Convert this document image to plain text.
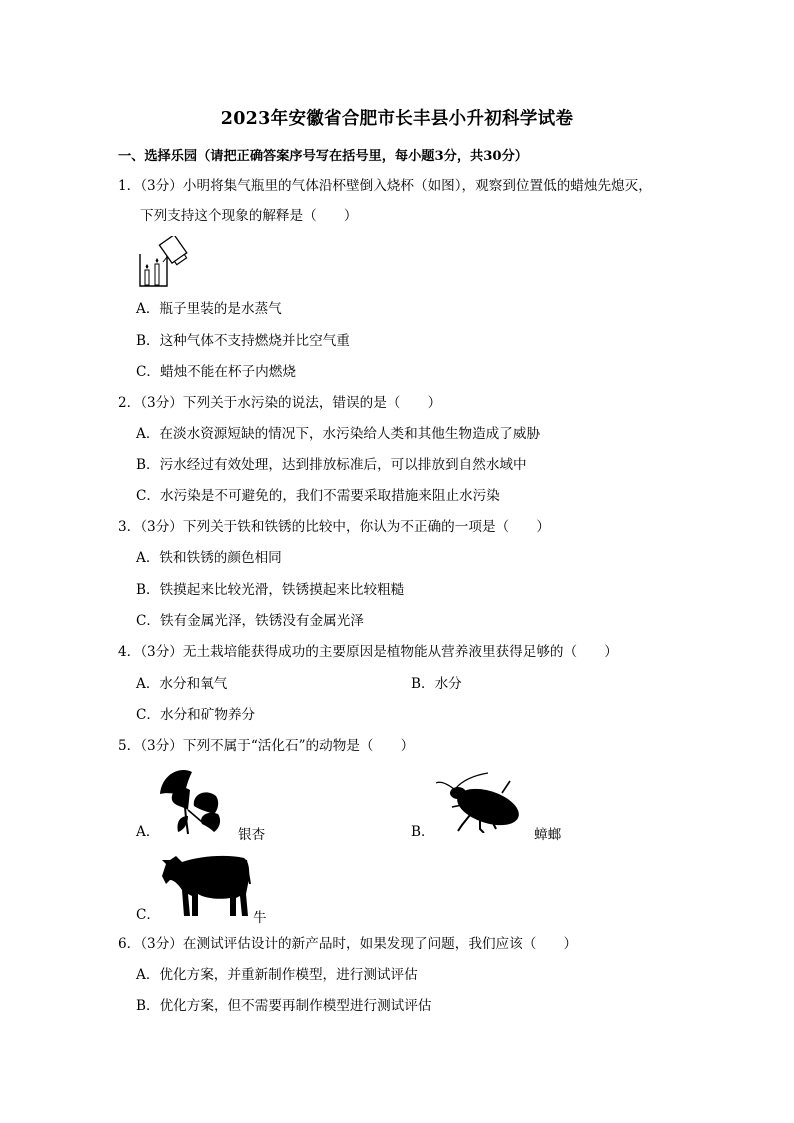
2023年安徽省合肥市长丰县小升初科学试卷
一、选择乐园（请把正确答案序号写在括号里，每小题3分，共30分）
1．（3分）小明将集气瓶里的气体沿杯壁倒入烧杯（如图），观察到位置低的蜡烛先熄灭，
下列支持这个现象的解释是（　　）
A．瓶子里装的是水蒸气
B．这种气体不支持燃烧并比空气重
C．蜡烛不能在杯子内燃烧
2．（3分）下列关于水污染的说法，错误的是（　　）
A．在淡水资源短缺的情况下，水污染给人类和其他生物造成了威胁
B．污水经过有效处理，达到排放标准后，可以排放到自然水域中
C．水污染是不可避免的，我们不需要采取措施来阻止水污染
3．（3分）下列关于铁和铁锈的比较中，你认为不正确的一项是（　　）
A．铁和铁锈的颜色相同
B．铁摸起来比较光滑，铁锈摸起来比较粗糙
C．铁有金属光泽，铁锈没有金属光泽
4．（3分）无土栽培能获得成功的主要原因是植物能从营养液里获得足够的（　　）
A．水分和氧气	B．水分
C．水分和矿物养分
5．（3分）下列不属于“活化石”的动物是（　　）
A．	银杏	B．	蟑螂
C．	牛
6．（3分）在测试评估设计的新产品时，如果发现了问题，我们应该（　　）
A．优化方案，并重新制作模型，进行测试评估
B．优化方案，但不需要再制作模型进行测试评估
